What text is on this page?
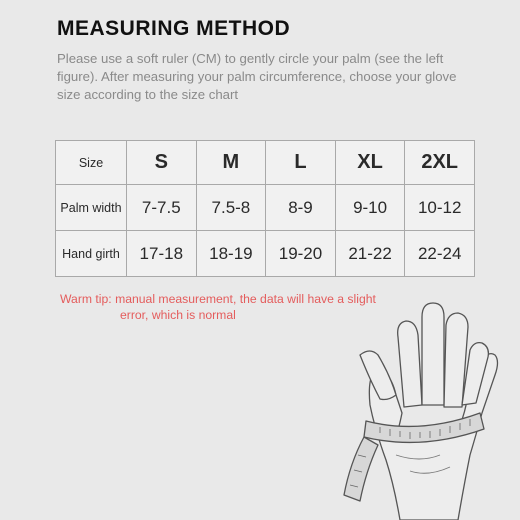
MEASURING METHOD
Please use a soft ruler (CM) to gently circle your palm (see the left figure). After measuring your palm circumference, choose your glove size according to the size chart
Size	S	M	L	XL	2XL
Palm width	7-7.5	7.5-8	8-9	9-10	10-12
Hand girth	17-18	18-19	19-20	21-22	22-24
Warm tip: manual measurement, the data will have a slight
error, which is normal
